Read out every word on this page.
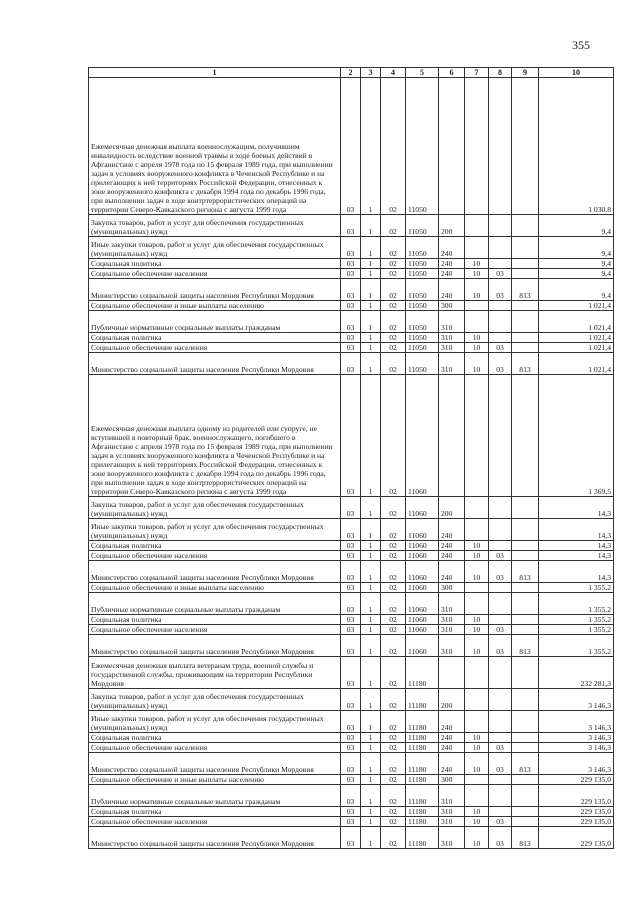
355
1	2	3	4	5	6	7	8	9	10
Ежемесячная денежная выплата военнослужащим, получившим инвалидность вследствие военной травмы в ходе боевых действий в Афганистане с апреля 1978 года по 15 февраля 1989 года, при выполнении задач в условиях вооруженного конфликта в Чеченской Республике и на прилегающих к ней территориях Российской Федерации, отнесенных к зоне вооруженного конфликта с декабря 1994 года по декабрь 1996 года, при выполнении задач в ходе контртеррористических операций на территории Северо-Кавказского региона с августа 1999 года	03	1	02	11050					1 030,8
Закупка товаров, работ и услуг для обеспечения государственных (муниципальных) нужд	03	1	02	11050	200				9,4
Иные закупки товаров, работ и услуг для обеспечения государственных (муниципальных) нужд	03	1	02	11050	240				9,4
Социальная политика	03	1	02	11050	240	10			9,4
Социальное обеспечение населения	03	1	02	11050	240	10	03		9,4
Министерство социальной защиты населения Республики Мордовия	03	1	02	11050	240	10	03	813	9,4
Социальное обеспечение и иные выплаты населению	03	1	02	11050	300				1 021,4
Публичные нормативные социальные выплаты гражданам	03	1	02	11050	310				1 021,4
Социальная политика	03	1	02	11050	310	10			1 021,4
Социальное обеспечение населения	03	1	02	11050	310	10	03		1 021,4
Министерство социальной защиты населения Республики Мордовия	03	1	02	11050	310	10	03	813	1 021,4
Ежемесячная денежная выплата одному из родителей или супруге, не вступившей в повторный брак, военнослужащего, погибшего в Афганистане с апреля 1978 года по 15 февраля 1989 года, при выполнении задач в условиях вооруженного конфликта в Чеченской Республике и на прилегающих к ней территориях Российской Федерации, отнесенных к зоне вооруженного конфликта с декабря 1994 года по декабрь 1996 года, при выполнении задач в ходе контртеррористических операций на территории Северо-Кавказского региона с августа 1999 года	03	1	02	11060					1 369,5
Закупка товаров, работ и услуг для обеспечения государственных (муниципальных) нужд	03	1	02	11060	200				14,3
Иные закупки товаров, работ и услуг для обеспечения государственных (муниципальных) нужд	03	1	02	11060	240				14,3
Социальная политика	03	1	02	11060	240	10			14,3
Социальное обеспечение населения	03	1	02	11060	240	10	03		14,3
Министерство социальной защиты населения Республики Мордовия	03	1	02	11060	240	10	03	813	14,3
Социальное обеспечение и иные выплаты населению	03	1	02	11060	300				1 355,2
Публичные нормативные социальные выплаты гражданам	03	1	02	11060	310				1 355,2
Социальная политика	03	1	02	11060	310	10			1 355,2
Социальное обеспечение населения	03	1	02	11060	310	10	03		1 355,2
Министерство социальной защиты населения Республики Мордовия	03	1	02	11060	310	10	03	813	1 355,2
Ежемесячная денежная выплата ветеранам труда, военной службы и государственной службы, проживающим на территории Республики Мордовия	03	1	02	11180					232 281,3
Закупка товаров, работ и услуг для обеспечения государственных (муниципальных) нужд	03	1	02	11180	200				3 146,3
Иные закупки товаров, работ и услуг для обеспечения государственных (муниципальных) нужд	03	1	02	11180	240				3 146,3
Социальная политика	03	1	02	11180	240	10			3 146,3
Социальное обеспечение населения	03	1	02	11180	240	10	03		3 146,3
Министерство социальной защиты населения Республики Мордовия	03	1	02	11180	240	10	03	813	3 146,3
Социальное обеспечение и иные выплаты населению	03	1	02	11180	300				229 135,0
Публичные нормативные социальные выплаты гражданам	03	1	02	11180	310				229 135,0
Социальная политика	03	1	02	11180	310	10			229 135,0
Социальное обеспечение населения	03	1	02	11180	310	10	03		229 135,0
Министерство социальной защиты населения Республики Мордовия	03	1	02	11180	310	10	03	813	229 135,0
